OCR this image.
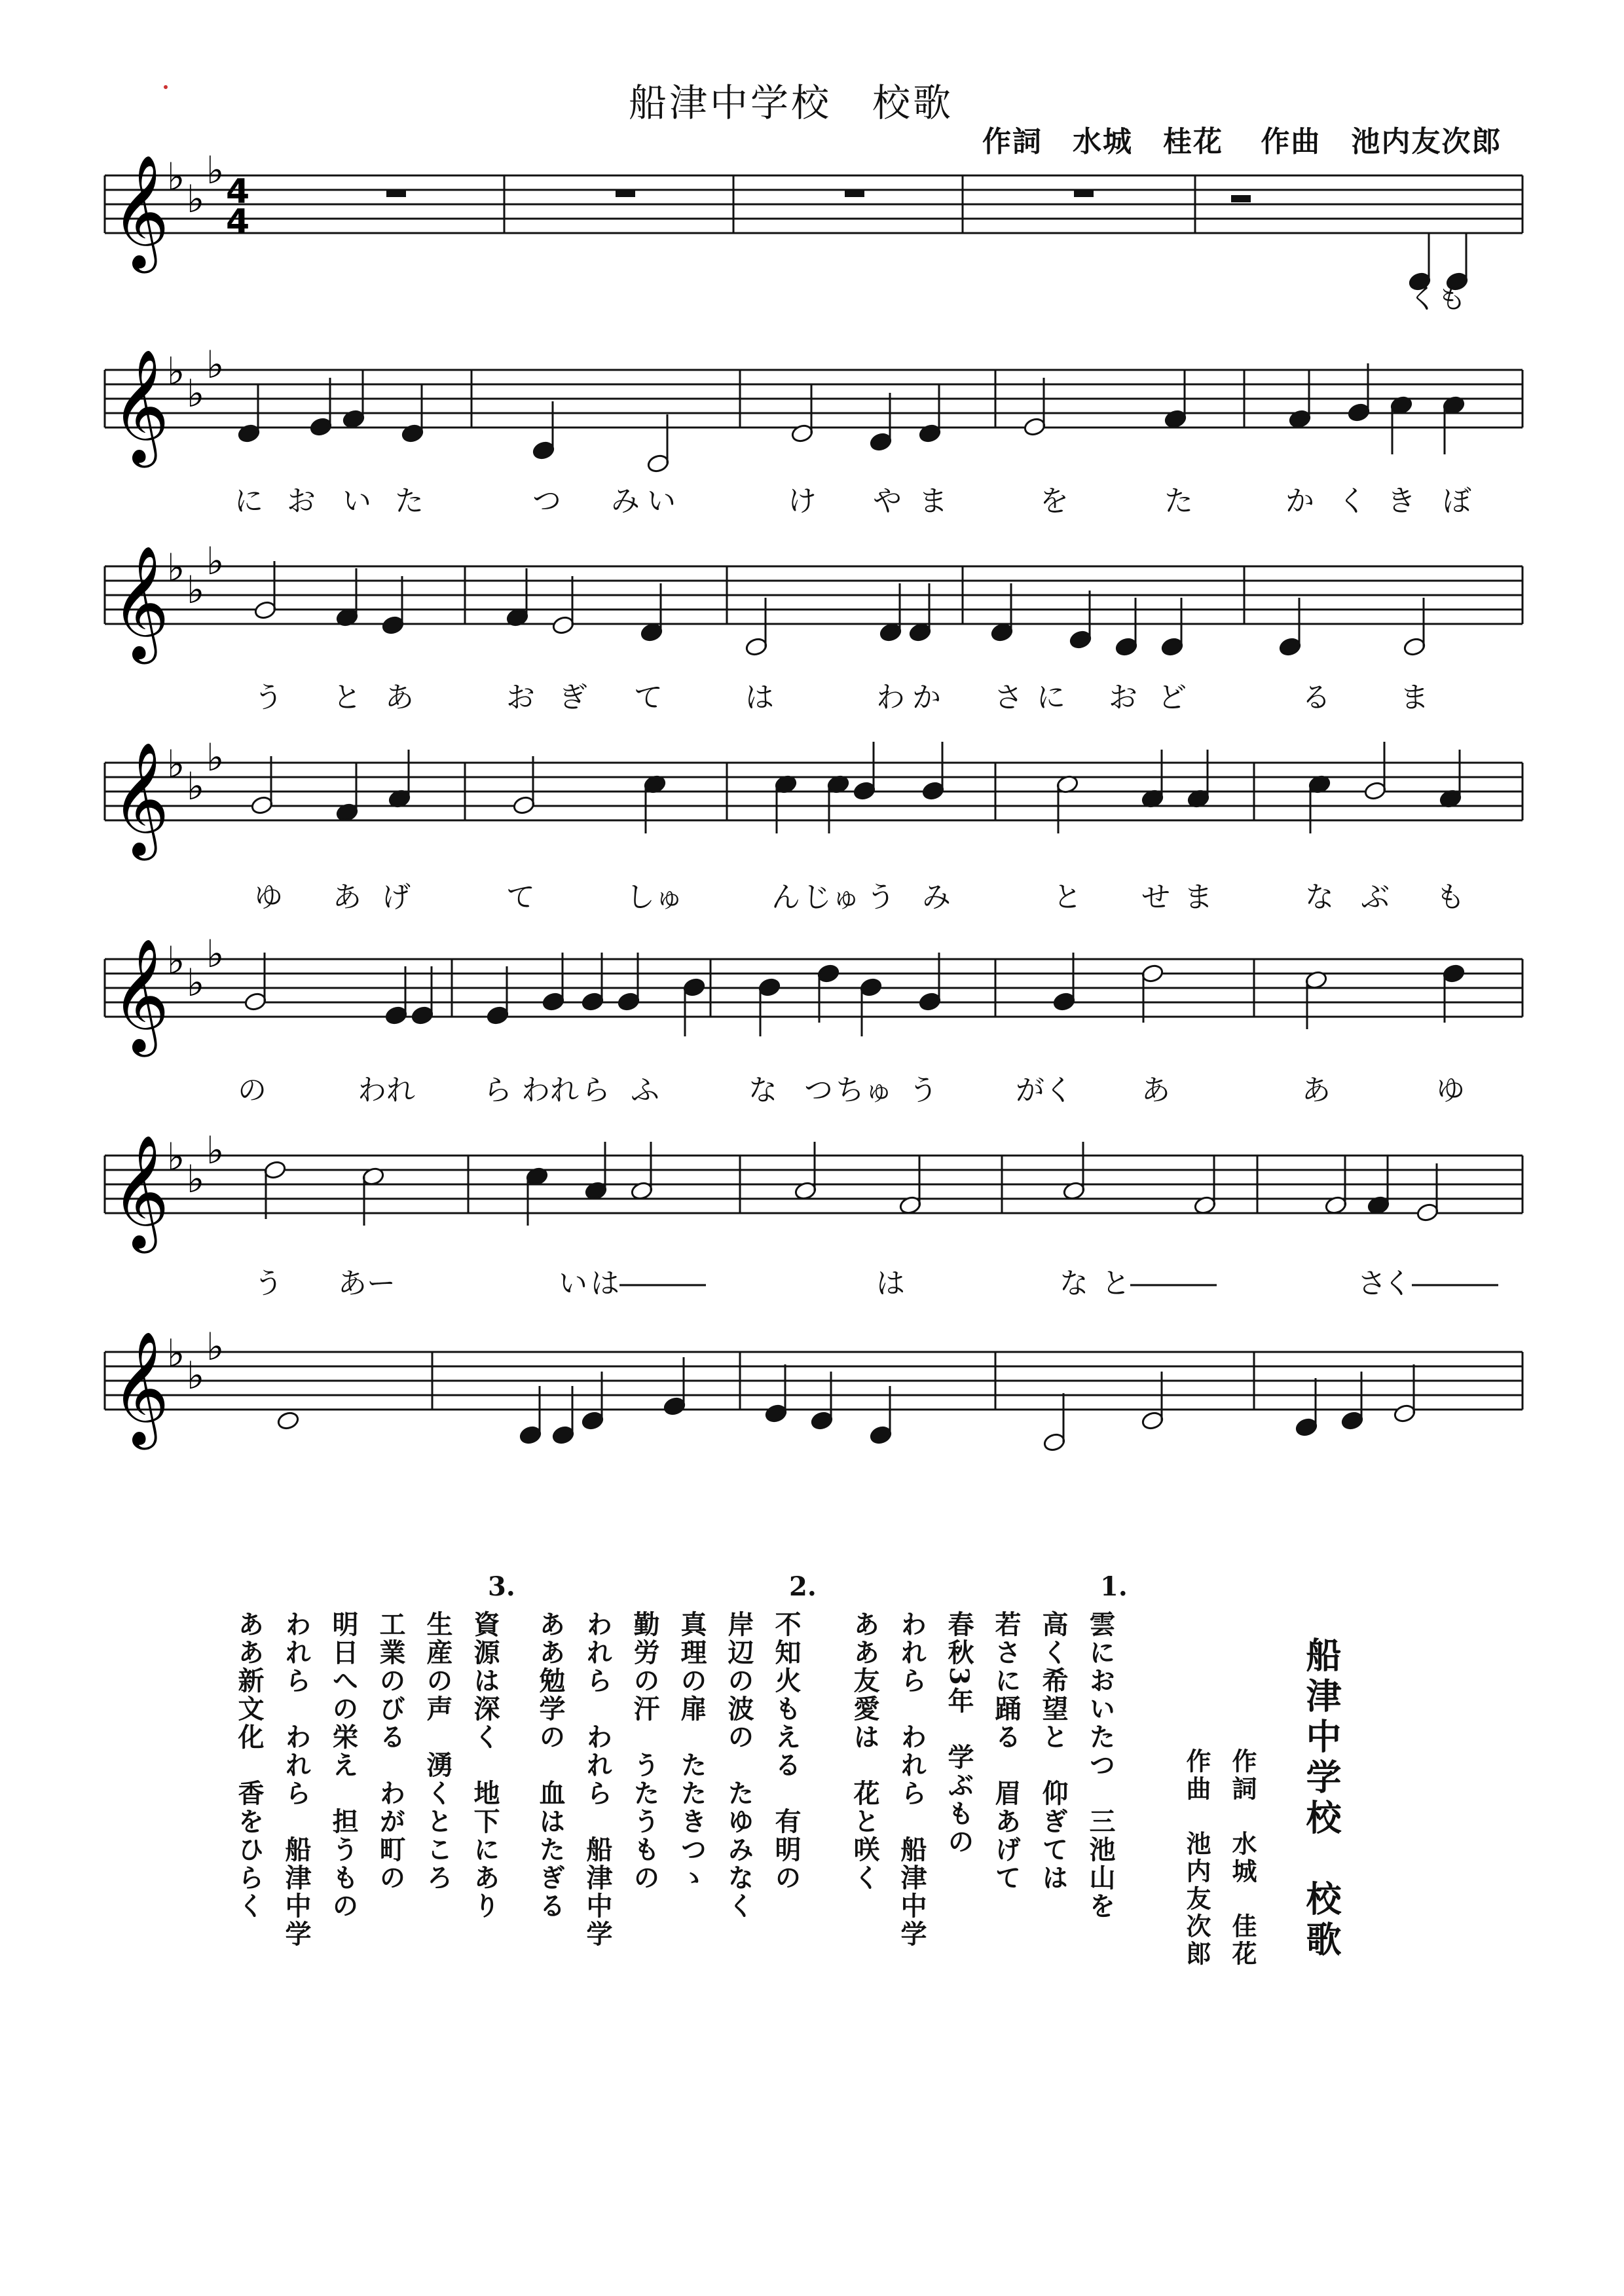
船津中学校　校歌
作詞　水城　桂花 作曲　池内友次郎
𝄞
♭ ♭
♭
𝄞
♭ ♭
♭
𝄞
♭ ♭
♭
𝄞
♭ ♭
♭
𝄞
♭ ♭
♭
𝄞
♭ ♭
♭
𝄞
♭ ♭
♭
4
4
くも
に お い た	つ み い	け や ま	を	た	か く き ぼ
う と あ	お ぎ て	は	わ か さ に お ど	る ま
ゆ あ げ	て	しゅ	ん じゅ う み	と せ ま	な ぶ も
の	われ ら われ ら ふ	な つ ちゅ う	がく あ	あ	ゆ
う あー	い は―――	は	な と―――	さ
く―――
船津中学校　校歌
作詞　水城　佳花
作曲　池内友次郎
1.
雲においたつ　三池山を
高く希望と　仰ぎては
若さに踊る　眉あげて
春秋3年　学ぶもの
われら　われら　船津中学
ああ友愛は　花と咲く
2.
不知火もえる　有明の
岸辺の波の　たゆみなく
真理の扉　たたきつゝ
勤労の汗　うたうもの
われら　われら　船津中学
ああ勉学の　血はたぎる
3.
資源は深く　地下にあり
生産の声　湧くところ
工業のびる　わが町の
明日への栄え　担うもの
われら　われら　船津中学
ああ新文化　香をひらく
